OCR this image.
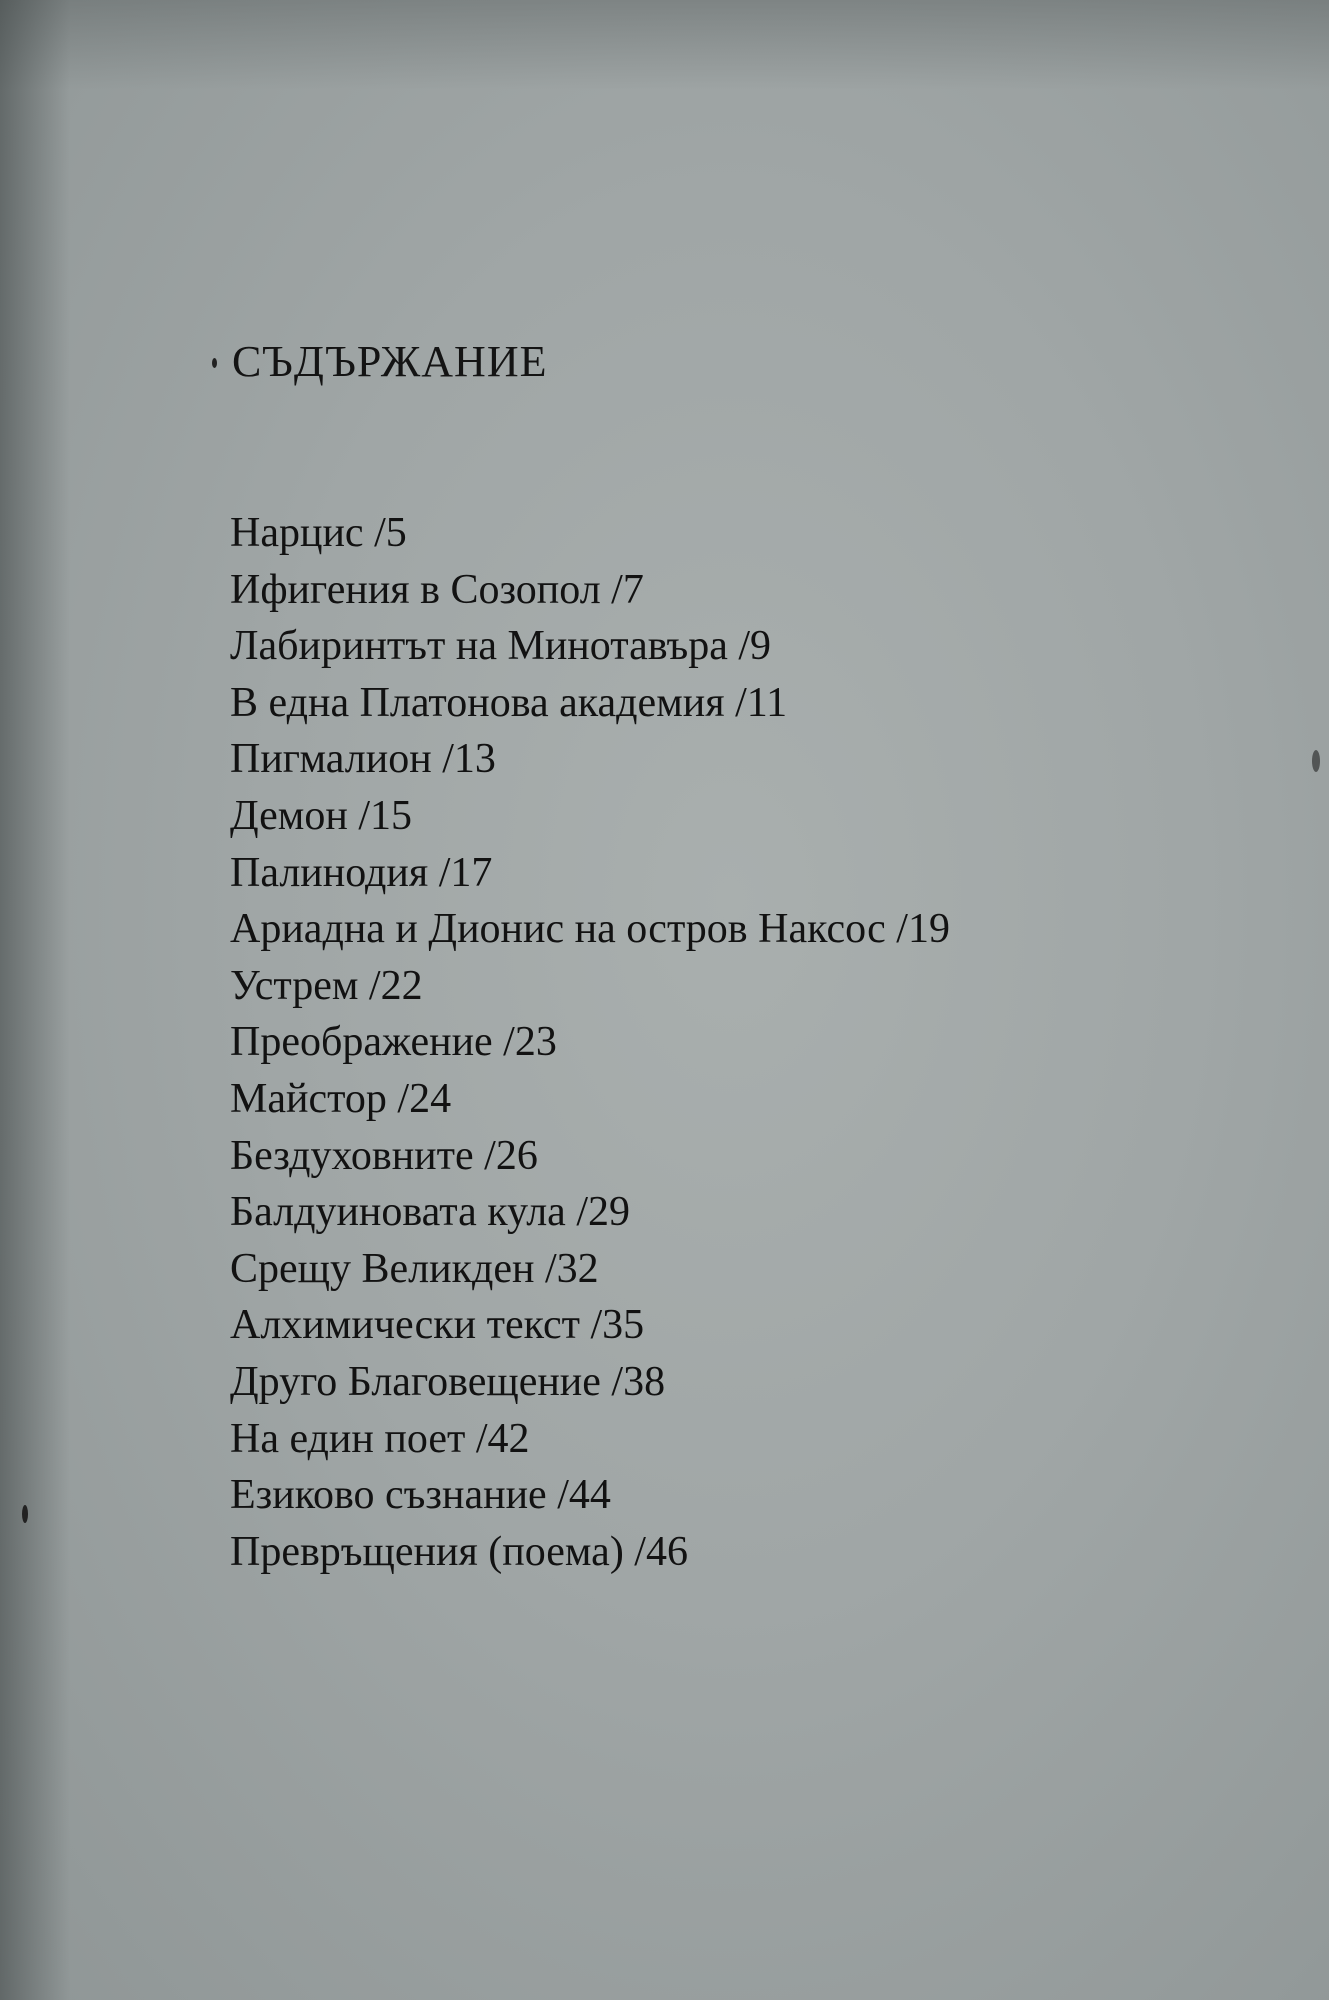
СЪДЪРЖАНИЕ
Нарцис /5
Ифигения в Созопол /7
Лабиринтът на Минотавъра /9
В една Платонова академия /11
Пигмалион /13
Демон /15
Палинодия /17
Ариадна и Дионис на остров Наксос /19
Устрем /22
Преображение /23
Майстор /24
Бездуховните /26
Балдуиновата кула /29
Срещу Великден /32
Алхимически текст /35
Друго Благовещение /38
На един поет /42
Езиково съзнание /44
Превръщения (поема) /46
